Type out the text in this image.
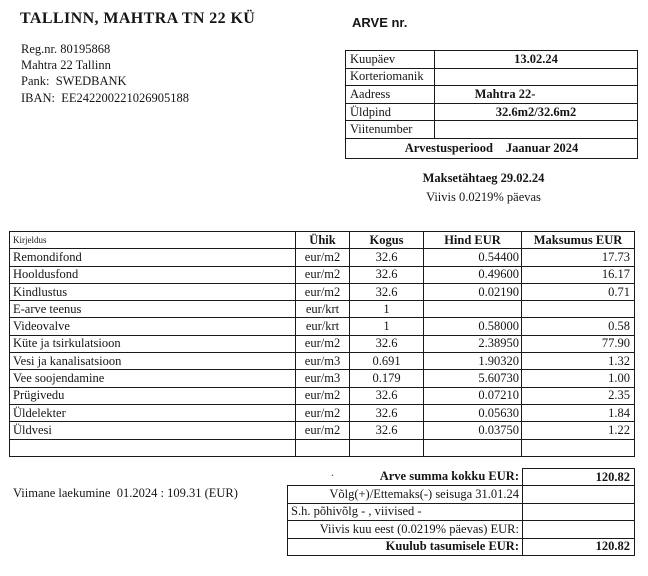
TALLINN, MAHTRA TN 22 KÜ
Reg.nr. 80195868
Mahtra 22 Tallinn
Pank:  SWEDBANK
IBAN:  EE242200221026905188
ARVE nr.
Kuupäev	13.02.24
Korteriomanik	
Aadress	Mahtra 22-
Üldpind	32.6m2/32.6m2
Viitenumber	
Arvestusperiood Jaanuar 2024	
Maksetähtaeg 29.02.24
Viivis 0.0219% päevas
Kirjeldus	Ühik	Kogus	Hind EUR	Maksumus EUR
Remondifond	eur/m2	32.6	0.54400	17.73
Hooldusfond	eur/m2	32.6	0.49600	16.17
Kindlustus	eur/m2	32.6	0.02190	0.71
E-arve teenus	eur/krt	1		
Videovalve	eur/krt	1	0.58000	0.58
Küte ja tsirkulatsioon	eur/m2	32.6	2.38950	77.90
Vesi ja kanalisatsioon	eur/m3	0.691	1.90320	1.32
Vee soojendamine	eur/m3	0.179	5.60730	1.00
Prügivedu	eur/m2	32.6	0.07210	2.35
Üldelekter	eur/m2	32.6	0.05630	1.84
Üldvesi	eur/m2	32.6	0.03750	1.22

.	Arve summa kokku EUR:	120.82
Võlg(+)/Ettemaks(-) seisuga 31.01.24	
S.h. põhivõlg - , viivised -	
Viivis kuu eest (0.0219% päevas) EUR:	
Kuulub tasumisele EUR:	120.82
Viimane laekumine  01.2024 : 109.31 (EUR)
